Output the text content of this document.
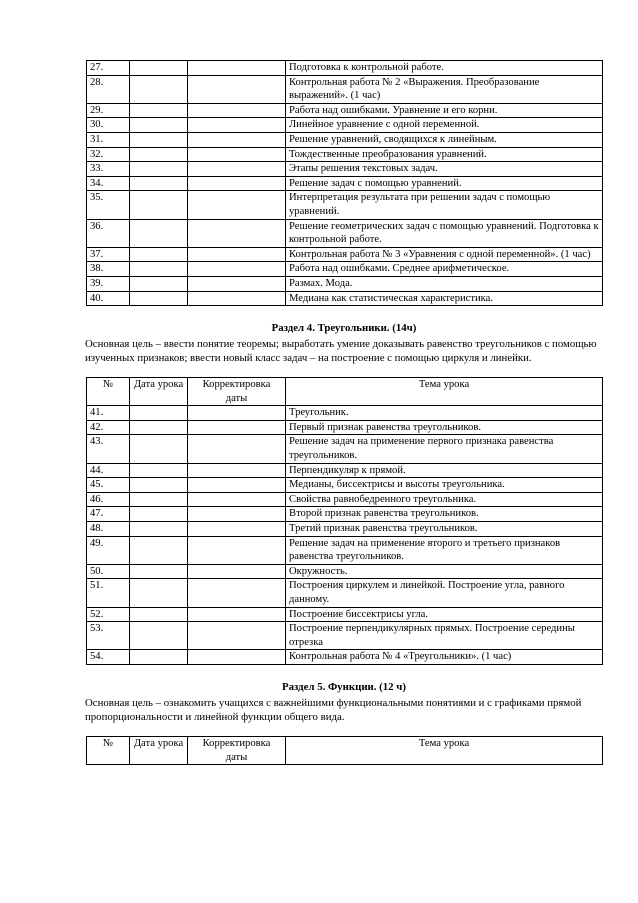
27.			Подготовка к контрольной работе.
28.			Контрольная работа № 2 «Выражения. Преобразование выражений». (1 час)
29.			Работа над ошибками. Уравнение и его корни.
30.			Линейное уравнение с одной переменной.
31.			Решение уравнений, сводящихся к линейным.
32.			Тождественные преобразования уравнений.
33.			Этапы решения текстовых задач.
34.			Решение задач с помощью уравнений.
35.			Интерпретация результата при решении задач с помощью уравнений.
36.			Решение геометрических задач с помощью уравнений. Подготовка к контрольной работе.
37.			Контрольная работа № 3 «Уравнения с одной переменной». (1 час)
38.			Работа над ошибками. Среднее арифметическое.
39.			Размах. Мода.
40.			Медиана как статистическая характеристика.
Раздел 4. Треугольники. (14ч)
Основная цель – ввести понятие теоремы; выработать умение доказывать равенство треугольников с помощью изученных признаков; ввести новый класс задач – на построение с помощью циркуля и линейки.
№	Дата урока	Корректировка даты	Тема урока
41.			Треугольник.
42.			Первый признак равенства треугольников.
43.			Решение задач на применение первого признака равенства треугольников.
44.			Перпендикуляр к прямой.
45.			Медианы, биссектрисы и высоты треугольника.
46.			Свойства равнобедренного треугольника.
47.			Второй признак равенства треугольников.
48.			Третий признак равенства треугольников.
49.			Решение задач на применение второго и третьего признаков равенства треугольников.
50.			Окружность.
51.			Построения циркулем и линейкой. Построение угла, равного данному.
52.			Построение биссектрисы угла.
53.			Построение перпендикулярных прямых. Построение середины отрезка
54.			Контрольная работа № 4 «Треугольники». (1 час)
Раздел 5. Функции. (12 ч)
Основная цель – ознакомить учащихся с важнейшими функциональными понятиями и с графиками прямой пропорциональности и линейной функции общего вида.
№	Дата урока	Корректировка даты	Тема урока
